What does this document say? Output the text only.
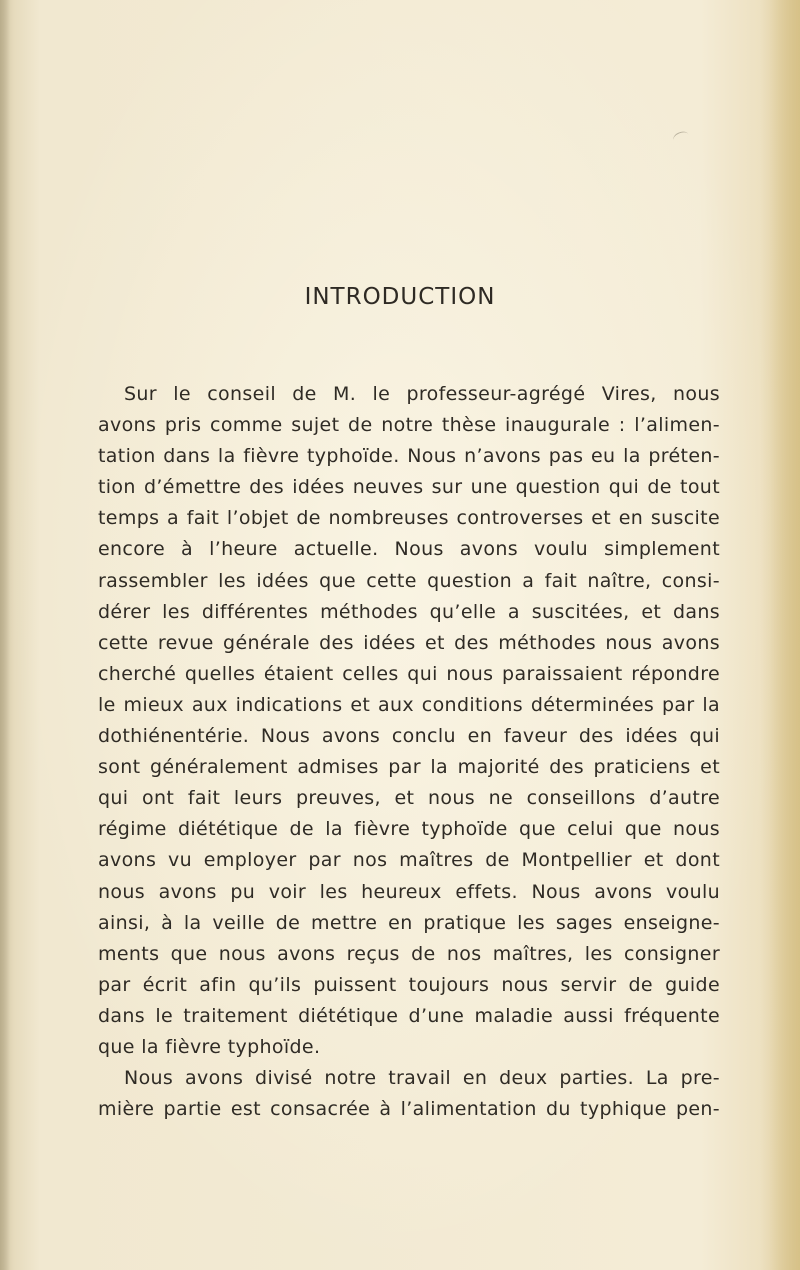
INTRODUCTION
Sur le conseil de M. le professeur-agrégé Vires, nous
avons pris comme sujet de notre thèse inaugurale : l’alimen-
tation dans la fièvre typhoïde. Nous n’avons pas eu la préten-
tion d’émettre des idées neuves sur une question qui de tout
temps a fait l’objet de nombreuses controverses et en suscite
encore à l’heure actuelle. Nous avons voulu simplement
rassembler les idées que cette question a fait naître, consi-
dérer les différentes méthodes qu’elle a suscitées, et dans
cette revue générale des idées et des méthodes nous avons
cherché quelles étaient celles qui nous paraissaient répondre
le mieux aux indications et aux conditions déterminées par la
dothiénentérie. Nous avons conclu en faveur des idées qui
sont généralement admises par la majorité des praticiens et
qui ont fait leurs preuves, et nous ne conseillons d’autre
régime diététique de la fièvre typhoïde que celui que nous
avons vu employer par nos maîtres de Montpellier et dont
nous avons pu voir les heureux effets. Nous avons voulu
ainsi, à la veille de mettre en pratique les sages enseigne-
ments que nous avons reçus de nos maîtres, les consigner
par écrit afin qu’ils puissent toujours nous servir de guide
dans le traitement diététique d’une maladie aussi fréquente
que la fièvre typhoïde.
Nous avons divisé notre travail en deux parties. La pre-
mière partie est consacrée à l’alimentation du typhique pen-
